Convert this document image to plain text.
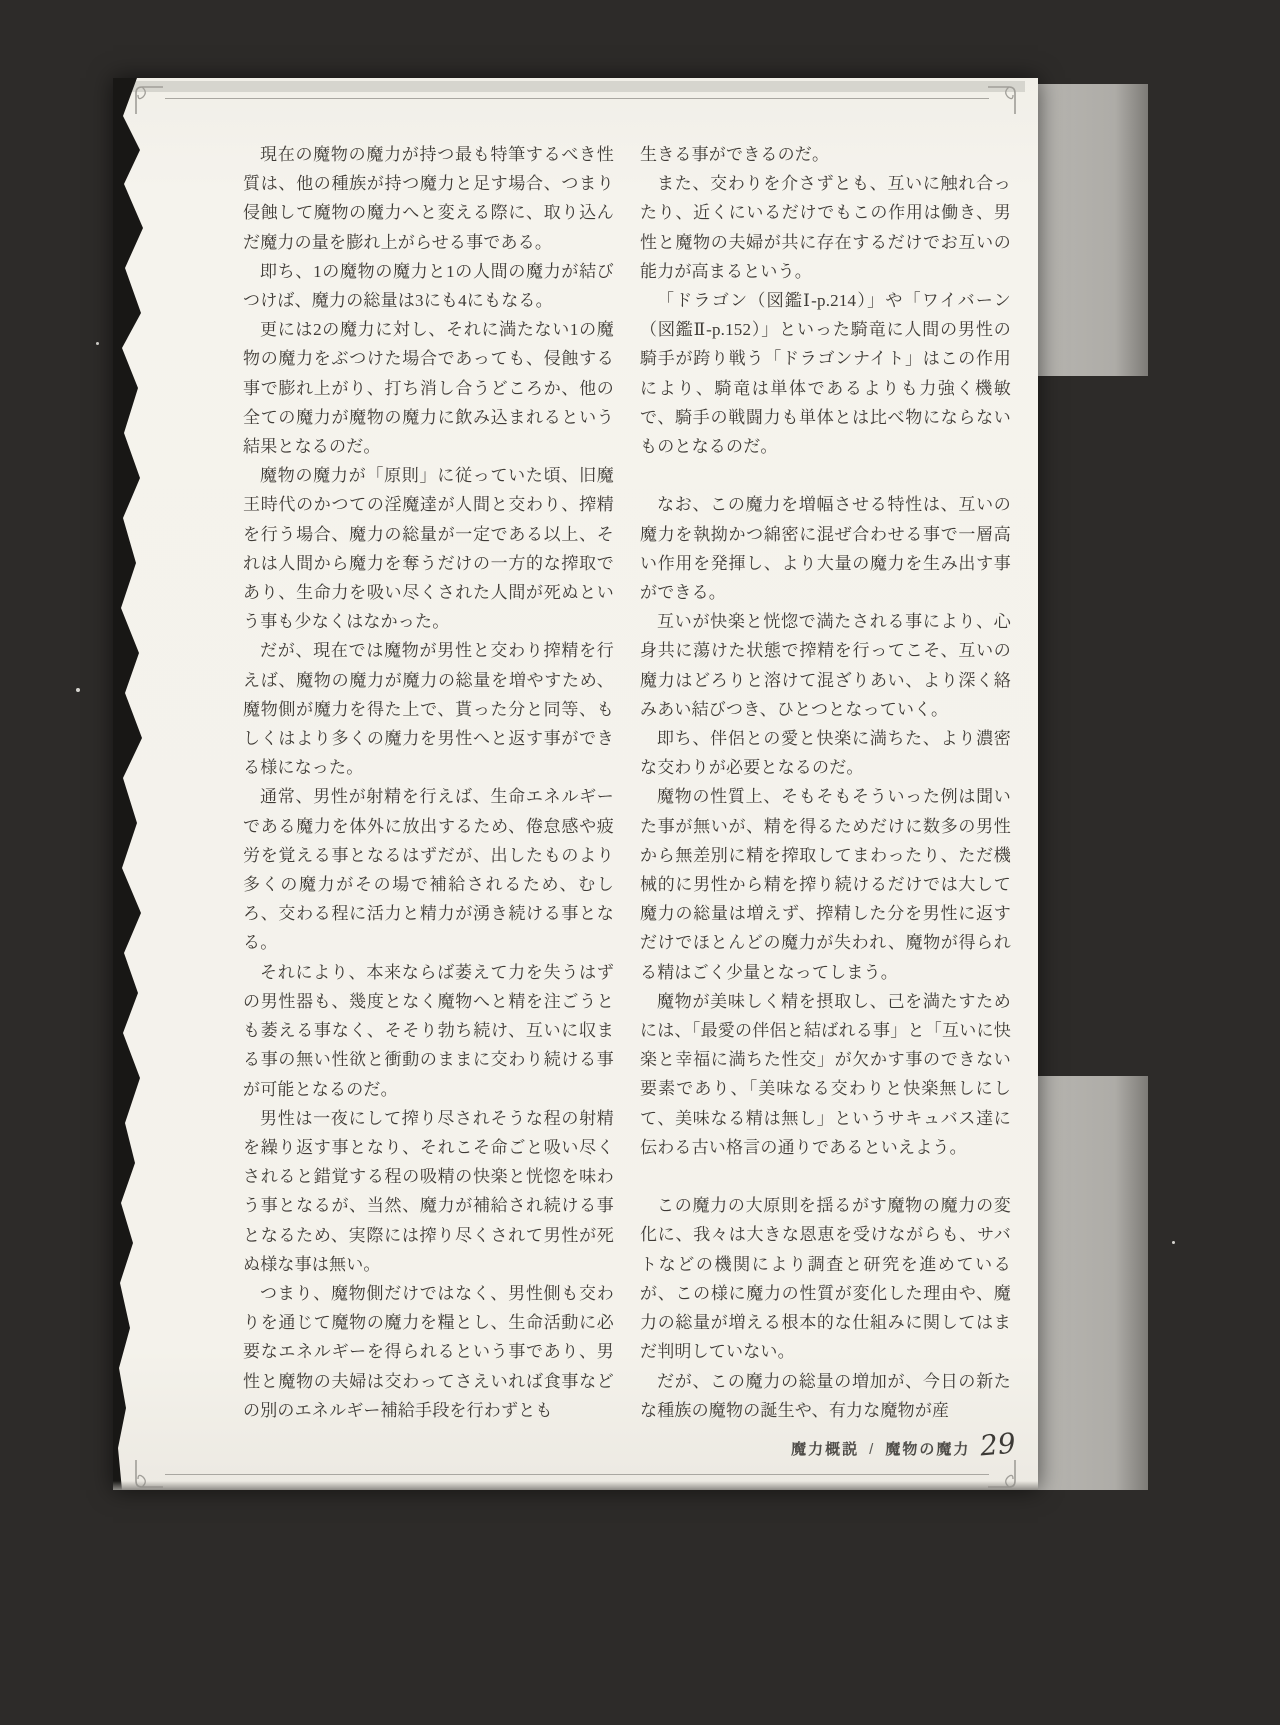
現在の魔物の魔力が持つ最も特筆するべき性質は、他の種族が持つ魔力と足す場合、つまり侵蝕して魔物の魔力へと変える際に、取り込んだ魔力の量を膨れ上がらせる事である。

即ち、1の魔物の魔力と1の人間の魔力が結びつけば、魔力の総量は3にも4にもなる。

更には2の魔力に対し、それに満たない1の魔物の魔力をぶつけた場合であっても、侵蝕する事で膨れ上がり、打ち消し合うどころか、他の全ての魔力が魔物の魔力に飲み込まれるという結果となるのだ。

魔物の魔力が「原則」に従っていた頃、旧魔王時代のかつての淫魔達が人間と交わり、搾精を行う場合、魔力の総量が一定である以上、それは人間から魔力を奪うだけの一方的な搾取であり、生命力を吸い尽くされた人間が死ぬという事も少なくはなかった。

だが、現在では魔物が男性と交わり搾精を行えば、魔物の魔力が魔力の総量を増やすため、魔物側が魔力を得た上で、貰った分と同等、もしくはより多くの魔力を男性へと返す事ができる様になった。

通常、男性が射精を行えば、生命エネルギーである魔力を体外に放出するため、倦怠感や疲労を覚える事となるはずだが、出したものより多くの魔力がその場で補給されるため、むしろ、交わる程に活力と精力が湧き続ける事となる。

それにより、本来ならば萎えて力を失うはずの男性器も、幾度となく魔物へと精を注ごうとも萎える事なく、そそり勃ち続け、互いに収まる事の無い性欲と衝動のままに交わり続ける事が可能となるのだ。

男性は一夜にして搾り尽されそうな程の射精を繰り返す事となり、それこそ命ごと吸い尽くされると錯覚する程の吸精の快楽と恍惚を味わう事となるが、当然、魔力が補給され続ける事となるため、実際には搾り尽くされて男性が死ぬ様な事は無い。

つまり、魔物側だけではなく、男性側も交わりを通じて魔物の魔力を糧とし、生命活動に必要なエネルギーを得られるという事であり、男性と魔物の夫婦は交わってさえいれば食事などの別のエネルギー補給手段を行わずとも

生きる事ができるのだ。

また、交わりを介さずとも、互いに触れ合ったり、近くにいるだけでもこの作用は働き、男性と魔物の夫婦が共に存在するだけでお互いの能力が高まるという。

「ドラゴン（図鑑Ⅰ-p.214）」や「ワイバーン（図鑑Ⅱ-p.152）」といった騎竜に人間の男性の騎手が跨り戦う「ドラゴンナイト」はこの作用により、騎竜は単体であるよりも力強く機敏で、騎手の戦闘力も単体とは比べ物にならないものとなるのだ。

なお、この魔力を増幅させる特性は、互いの魔力を執拗かつ綿密に混ぜ合わせる事で一層高い作用を発揮し、より大量の魔力を生み出す事ができる。

互いが快楽と恍惚で満たされる事により、心身共に蕩けた状態で搾精を行ってこそ、互いの魔力はどろりと溶けて混ざりあい、より深く絡みあい結びつき、ひとつとなっていく。

即ち、伴侶との愛と快楽に満ちた、より濃密な交わりが必要となるのだ。

魔物の性質上、そもそもそういった例は聞いた事が無いが、精を得るためだけに数多の男性から無差別に精を搾取してまわったり、ただ機械的に男性から精を搾り続けるだけでは大して魔力の総量は増えず、搾精した分を男性に返すだけでほとんどの魔力が失われ、魔物が得られる精はごく少量となってしまう。

魔物が美味しく精を摂取し、己を満たすためには、「最愛の伴侶と結ばれる事」と「互いに快楽と幸福に満ちた性交」が欠かす事のできない要素であり、「美味なる交わりと快楽無しにして、美味なる精は無し」というサキュバス達に伝わる古い格言の通りであるといえよう。

この魔力の大原則を揺るがす魔物の魔力の変化に、我々は大きな恩恵を受けながらも、サバトなどの機関により調査と研究を進めているが、この様に魔力の性質が変化した理由や、魔力の総量が増える根本的な仕組みに関してはまだ判明していない。

だが、この魔力の総量の増加が、今日の新たな種族の魔物の誕生や、有力な魔物が産

魔力概説 / 魔物の魔力 29
